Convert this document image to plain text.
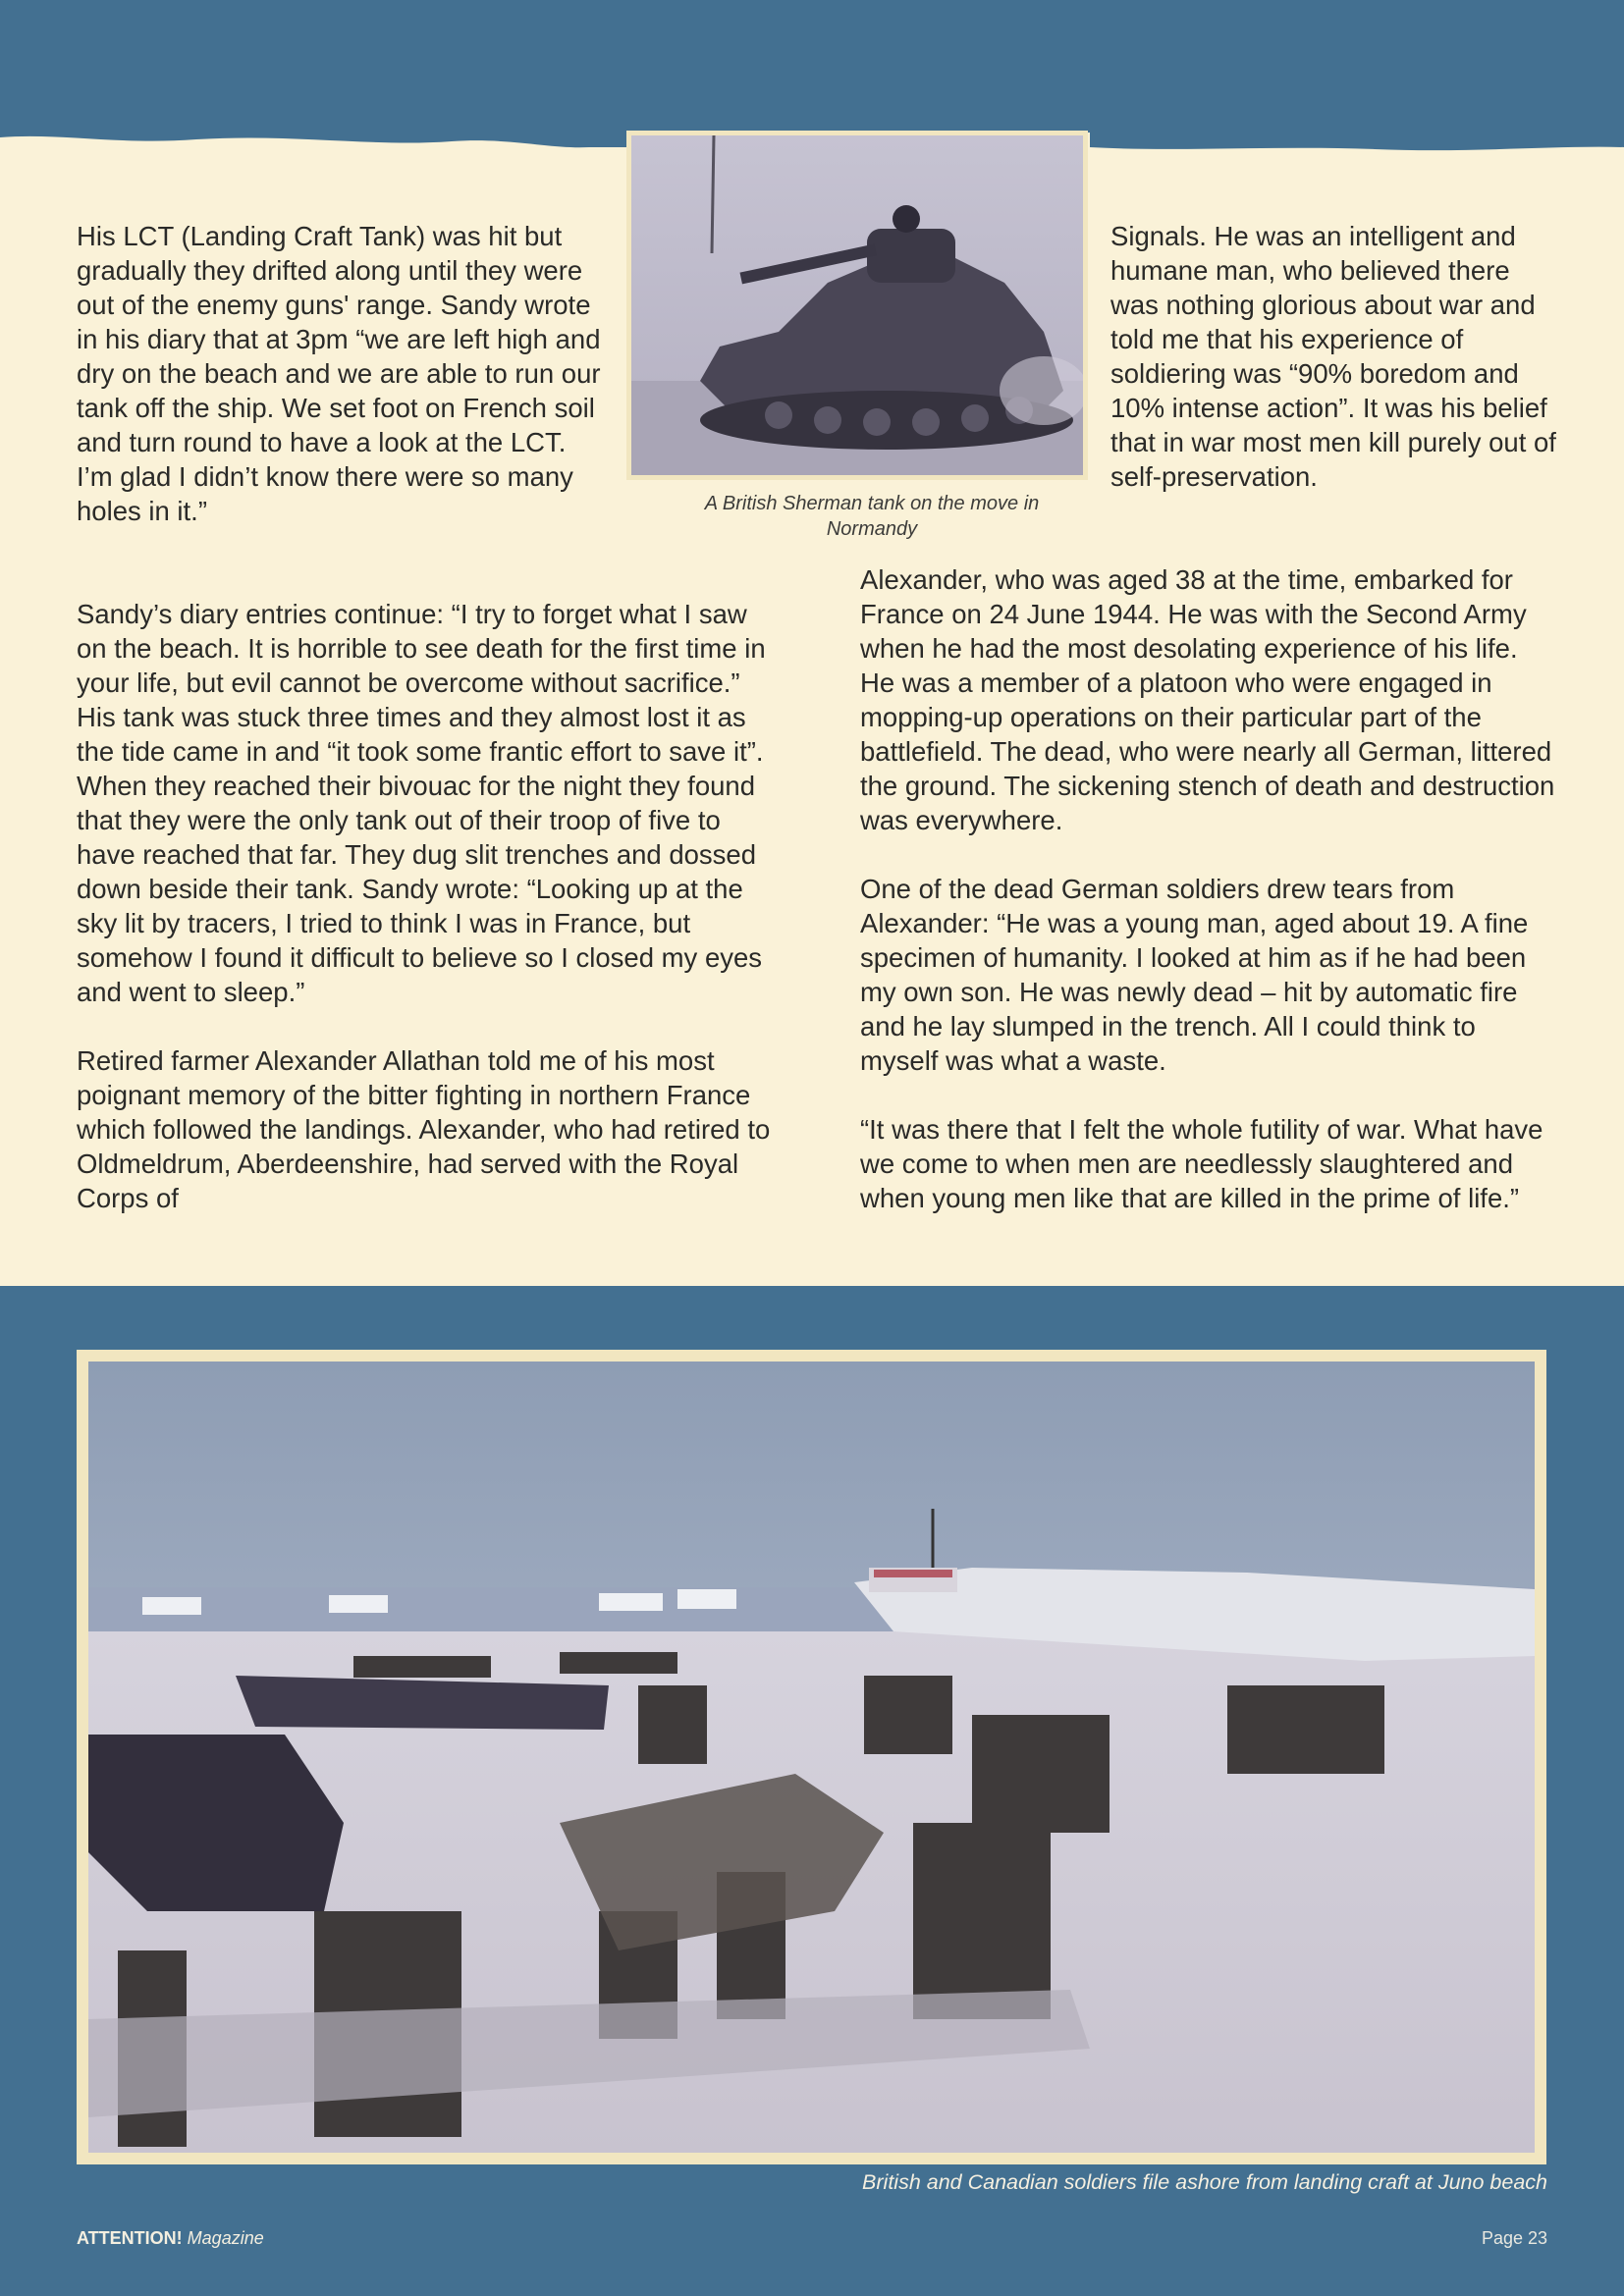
A British Sherman tank on the move in Normandy

His LCT (Landing Craft Tank) was hit but gradually they drifted along until they were out of the enemy guns' range. Sandy wrote in his diary that at 3pm “we are left high and dry on the beach and we are able to run our tank off the ship. We set foot on French soil and turn round to have a look at the LCT. I’m glad I didn’t know there were so many holes in it.”

Signals. He was an intelligent and humane man, who believed there was nothing glorious about war and told me that his experience of soldiering was “90% boredom and 10% intense action”. It was his belief that in war most men kill purely out of self-preservation.

Sandy’s diary entries continue: “I try to forget what I saw on the beach. It is horrible to see death for the first time in your life, but evil cannot be overcome without sacrifice.” His tank was stuck three times and they almost lost it as the tide came in and “it took some frantic effort to save it”. When they reached their bivouac for the night they found that they were the only tank out of their troop of five to have reached that far. They dug slit trenches and dossed down beside their tank. Sandy wrote: “Looking up at the sky lit by tracers, I tried to think I was in France, but somehow I found it difficult to believe so I closed my eyes and went to sleep.”

Retired farmer Alexander Allathan told me of his most poignant memory of the bitter fighting in northern France which followed the landings. Alexander, who had retired to Oldmeldrum, Aberdeenshire, had served with the Royal Corps of

Alexander, who was aged 38 at the time, embarked for France on 24 June 1944. He was with the Second Army when he had the most desolating experience of his life. He was a member of a platoon who were engaged in mopping-up operations on their particular part of the battlefield. The dead, who were nearly all German, littered the ground. The sickening stench of death and destruction was everywhere.

One of the dead German soldiers drew tears from Alexander: “He was a young man, aged about 19. A fine specimen of humanity. I looked at him as if he had been my own son. He was newly dead – hit by automatic fire and he lay slumped in the trench. All I could think to myself was what a waste.

“It was there that I felt the whole futility of war. What have we come to when men are needlessly slaughtered and when young men like that are killed in the prime of life.”

British and Canadian soldiers file ashore from landing craft at Juno beach
ATTENTION! Magazine	Page 23
